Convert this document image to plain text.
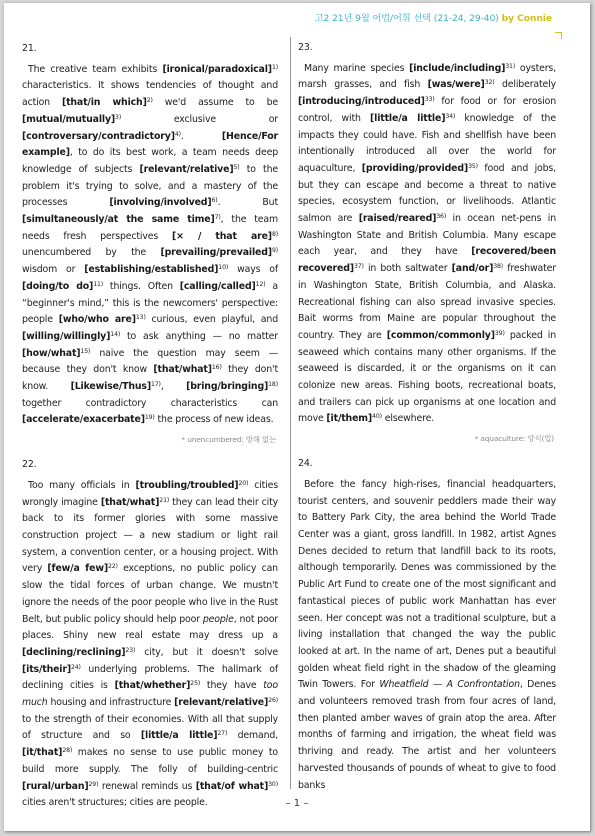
고2 21년 9월 어법/어휘 선택 (21-24, 29-40) by Connie
21.

The creative team exhibits [ironical/paradoxical]$^{1)}$ characteristics. It shows tendencies of thought and action [that/in which]$^{2)}$ we'd assume to be [mutual/mutually]$^{3)}$ exclusive or [controversary/contradictory]$^{4)}$. [Hence/For example], to do its best work, a team needs deep knowledge of subjects [relevant/relative]$^{5)}$ to the problem it's trying to solve, and a mastery of the processes [involving/involved]$^{6)}$. But [simultaneously/at the same time]$^{7)}$, the team needs fresh perspectives [× / that are]$^{8)}$ unencumbered by the [prevailing/prevailed]$^{9)}$ wisdom or [establishing/established]$^{10)}$ ways of [doing/to do]$^{11)}$ things. Often [calling/called]$^{12)}$ a “beginner's mind,” this is the newcomers' perspective: people [who/who are]$^{13)}$ curious, even playful, and [willing/willingly]$^{14)}$ to ask anything — no matter [how/what]$^{15)}$ naive the question may seem — because they don't know [that/what]$^{16)}$ they don't know. [Likewise/Thus]$^{17)}$, [bring/bringing]$^{18)}$ together contradictory characteristics can [accelerate/exacerbate]$^{19)}$ the process of new ideas.

* unencumbered: 방해 없는
22.

Too many officials in [troubling/troubled]$^{20)}$ cities wrongly imagine [that/what]$^{21)}$ they can lead their city back to its former glories with some massive construction project — a new stadium or light rail system, a convention center, or a housing project. With very [few/a few]$^{22)}$ exceptions, no public policy can slow the tidal forces of urban change. We mustn't ignore the needs of the poor people who live in the Rust Belt, but public policy should help poor people, not poor places. Shiny new real estate may dress up a [declining/reclining]$^{23)}$ city, but it doesn't solve [its/their]$^{24)}$ underlying problems. The hallmark of declining cities is [that/whether]$^{25)}$ they have too much housing and infrastructure [relevant/relative]$^{26)}$ to the strength of their economies. With all that supply of structure and so [little/a little]$^{27)}$ demand, [it/that]$^{28)}$ makes no sense to use public money to build more supply. The folly of building-centric [rural/urban]$^{29)}$ renewal reminds us [that/of what]$^{30)}$ cities aren't structures; cities are people.

23.

Many marine species [include/including]$^{31)}$ oysters, marsh grasses, and fish [was/were]$^{32)}$ deliberately [introducing/introduced]$^{33)}$ for food or for erosion control, with [little/a little]$^{34)}$ knowledge of the impacts they could have. Fish and shellfish have been intentionally introduced all over the world for aquaculture, [providing/provided]$^{35)}$ food and jobs, but they can escape and become a threat to native species, ecosystem function, or livelihoods. Atlantic salmon are [raised/reared]$^{36)}$ in ocean net-pens in Washington State and British Columbia. Many escape each year, and they have [recovered/been recovered]$^{37)}$ in both saltwater $[and/or]^{38)}$ freshwater in Washington State, British Columbia, and Alaska. Recreational fishing can also spread invasive species. Bait worms from Maine are popular throughout the country. They are [common/commonly]$^{39)}$ packed in seaweed which contains many other organisms. If the seaweed is discarded, it or the organisms on it can colonize new areas. Fishing boots, recreational boats, and trailers can pick up organisms at one location and move [it/them]$^{40)}$ elsewhere.

* aquaculture: 양식(업)
24.

Before the fancy high-rises, financial headquarters, tourist centers, and souvenir peddlers made their way to Battery Park City, the area behind the World Trade Center was a giant, gross landfill. In 1982, artist Agnes Denes decided to return that landfill back to its roots, although temporarily. Denes was commissioned by the Public Art Fund to create one of the most significant and fantastical pieces of public work Manhattan has ever seen. Her concept was not a traditional sculpture, but a living installation that changed the way the public looked at art. In the name of art, Denes put a beautiful golden wheat field right in the shadow of the gleaming Twin Towers. For Wheatfield — A Confrontation, Denes and volunteers removed trash from four acres of land, then planted amber waves of grain atop the area. After months of farming and irrigation, the wheat field was thriving and ready. The artist and her volunteers harvested thousands of pounds of wheat to give to food banks

– 1 –
